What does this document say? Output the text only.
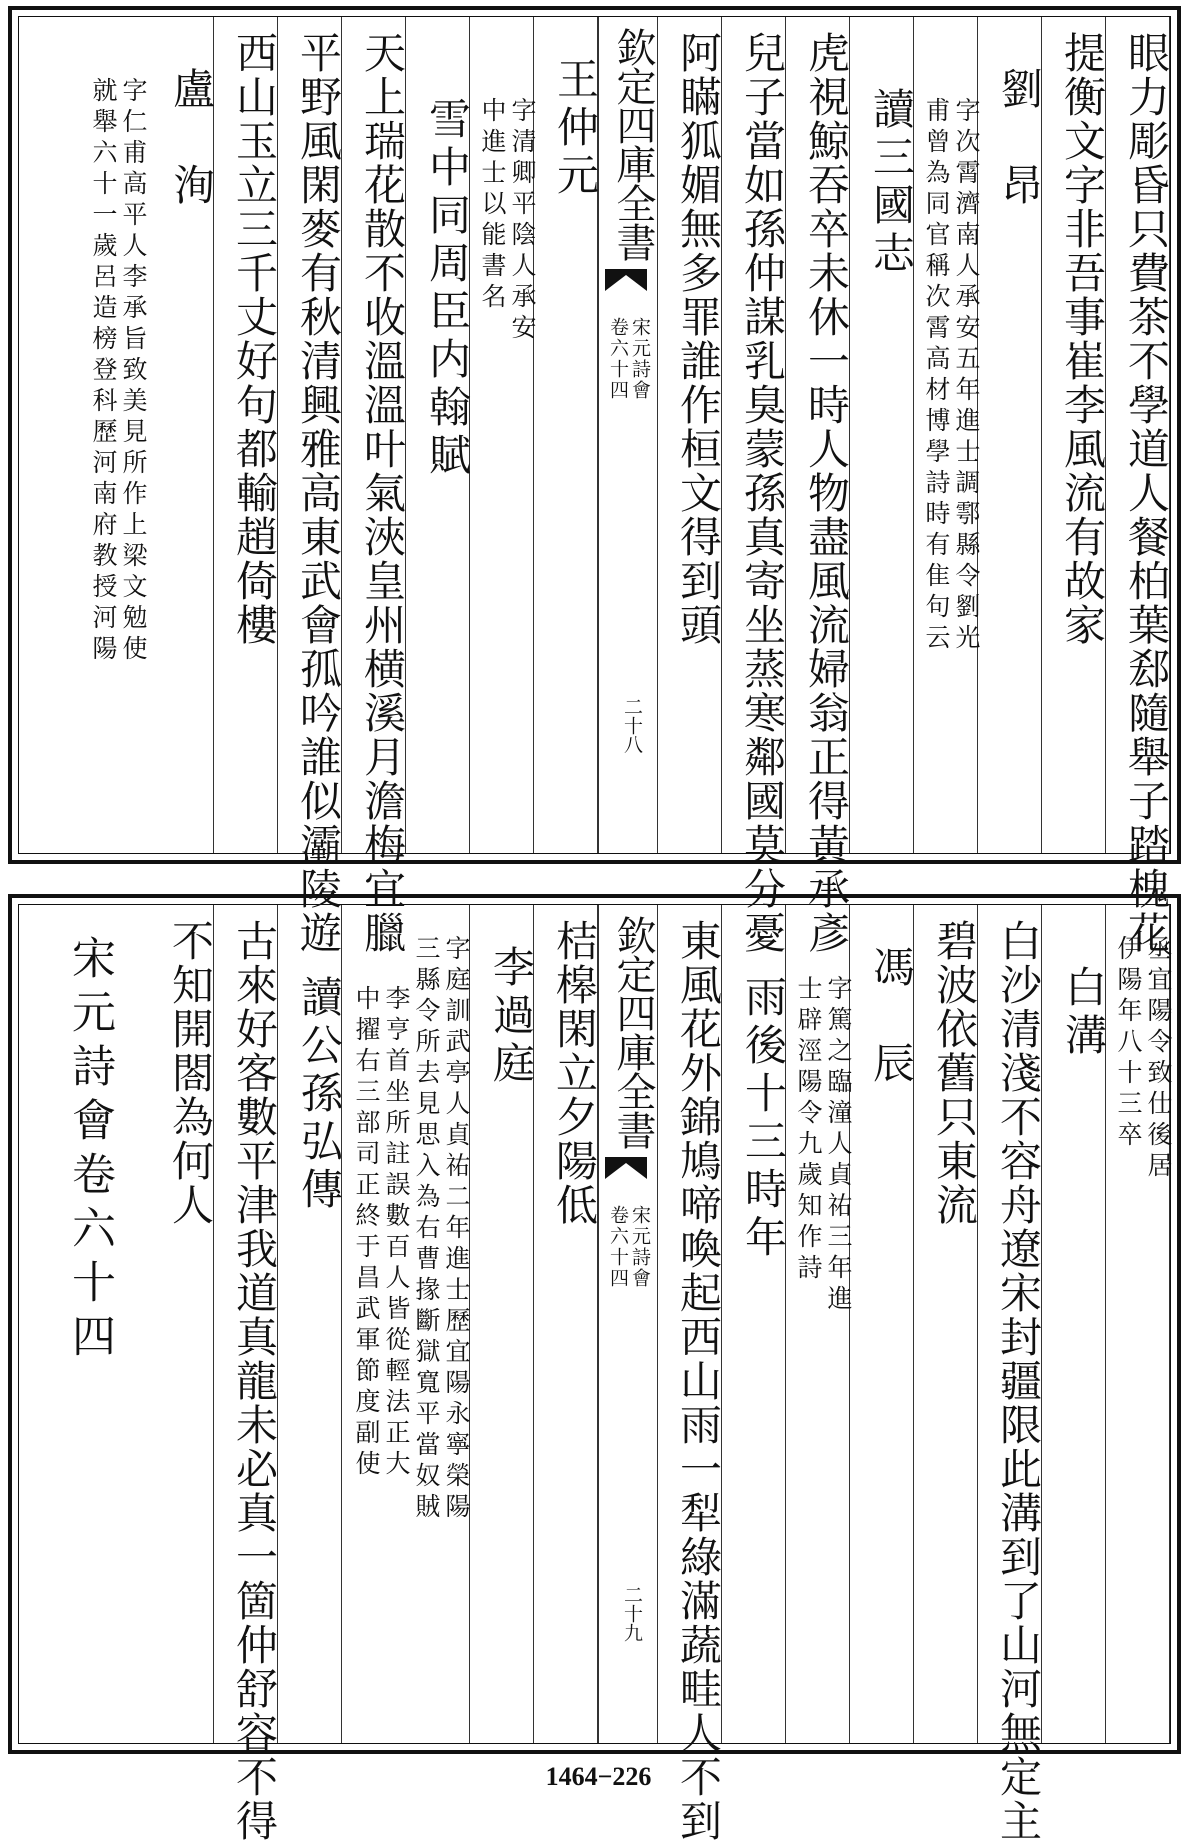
眼力彫昏只費茶不學道人餐柏葉郄隨舉子踏槐花
提衡文字非吾事崔李風流有故家
劉　昂
字次霄濟南人承安五年進士調鄠縣令劉光
甫曾為同官稱次霄高材博學詩時有隹句云
讀三國志
虎視鯨吞卒未休一時人物盡風流婦翁正得黃承彥
兒子當如孫仲謀乳臭蒙孫真寄坐蒸寒鄰國莫分憂
阿瞞狐媚無多罪誰作桓文得到頭
欽定四庫全書
宋元詩會
卷六十四
二十八
王仲元
字清卿平陰人承安
中進士以能書名
雪中同周臣内翰賦
天上瑞花散不收溫溫叶氣浹皇州横溪月澹梅宜臘
平野風閑麥有秋清興雅高東武會孤吟誰似灞陵遊
西山玉立三千丈好句都輸趙倚樓
盧　洵
字仁甫高平人李承旨致美見所作上梁文勉使
就舉六十一歲呂造榜登科歷河南府教授河陽
丞宜陽令致仕後居
伊陽年八十三卒
白溝
白沙清淺不容舟遼宋封疆限此溝到了山河無定主
碧波依舊只東流
馮　辰
字篤之臨潼人貞祐三年進
士辟涇陽令九歲知作詩
雨後十三時年
東風花外錦鳩啼喚起西山雨一犁綠滿蔬畦人不到
欽定四庫全書
宋元詩會
卷六十四
二十九
桔槔閑立夕陽低
李過庭
字庭訓武亭人貞祐二年進士歷宜陽永寧榮陽
三縣令所去見思入為右曹掾斷獄寬平當奴賊
李亨首坐所註誤數百人皆從輕法正大
中擢右三部司正終于昌武軍節度副使
讀公孫弘傳
古來好客數平津我道真龍未必真一箇仲舒容不得
不知開閤為何人
宋元詩會卷六十四
1464−226
